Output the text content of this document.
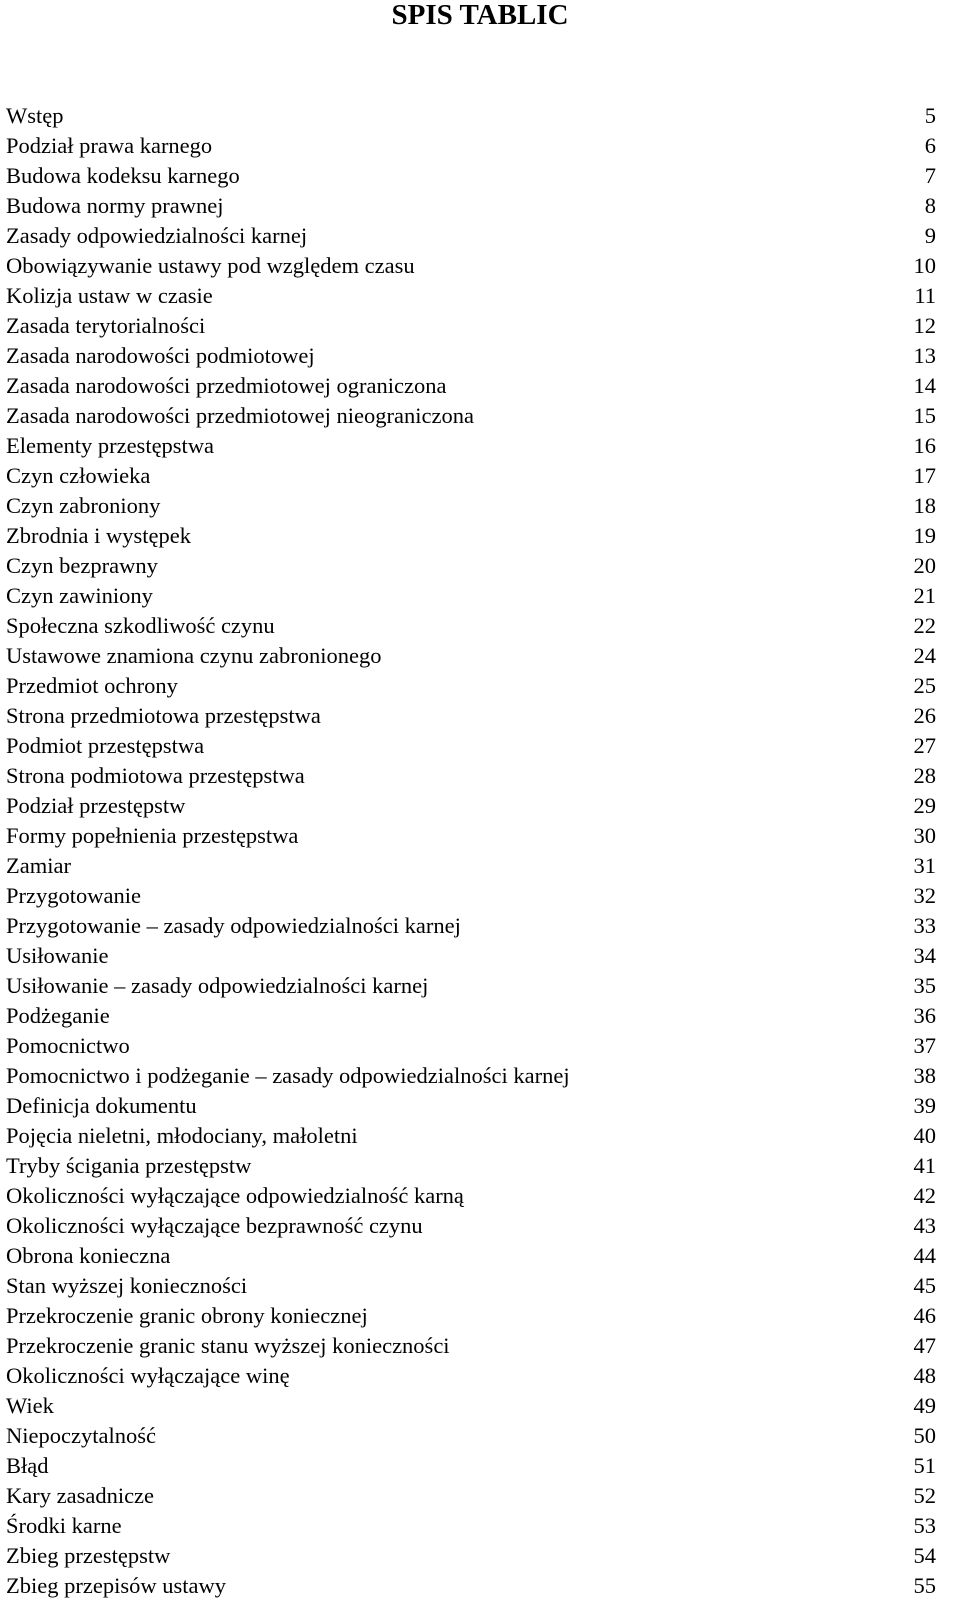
SPIS TABLIC
Wstęp	5
Podział prawa karnego	6
Budowa kodeksu karnego	7
Budowa normy prawnej	8
Zasady odpowiedzialności karnej	9
Obowiązywanie ustawy pod względem czasu	10
Kolizja ustaw w czasie	11
Zasada terytorialności	12
Zasada narodowości podmiotowej	13
Zasada narodowości przedmiotowej ograniczona	14
Zasada narodowości przedmiotowej nieograniczona	15
Elementy przestępstwa	16
Czyn człowieka	17
Czyn zabroniony	18
Zbrodnia i występek	19
Czyn bezprawny	20
Czyn zawiniony	21
Społeczna szkodliwość czynu	22
Ustawowe znamiona czynu zabronionego	24
Przedmiot ochrony	25
Strona przedmiotowa przestępstwa	26
Podmiot przestępstwa	27
Strona podmiotowa przestępstwa	28
Podział przestępstw	29
Formy popełnienia przestępstwa	30
Zamiar	31
Przygotowanie	32
Przygotowanie – zasady odpowiedzialności karnej	33
Usiłowanie	34
Usiłowanie – zasady odpowiedzialności karnej	35
Podżeganie	36
Pomocnictwo	37
Pomocnictwo i podżeganie – zasady odpowiedzialności karnej	38
Definicja dokumentu	39
Pojęcia nieletni, młodociany, małoletni	40
Tryby ścigania przestępstw	41
Okoliczności wyłączające odpowiedzialność karną	42
Okoliczności wyłączające bezprawność czynu	43
Obrona konieczna	44
Stan wyższej konieczności	45
Przekroczenie granic obrony koniecznej	46
Przekroczenie granic stanu wyższej konieczności	47
Okoliczności wyłączające winę	48
Wiek	49
Niepoczytalność	50
Błąd	51
Kary zasadnicze	52
Środki karne	53
Zbieg przestępstw	54
Zbieg przepisów ustawy	55
